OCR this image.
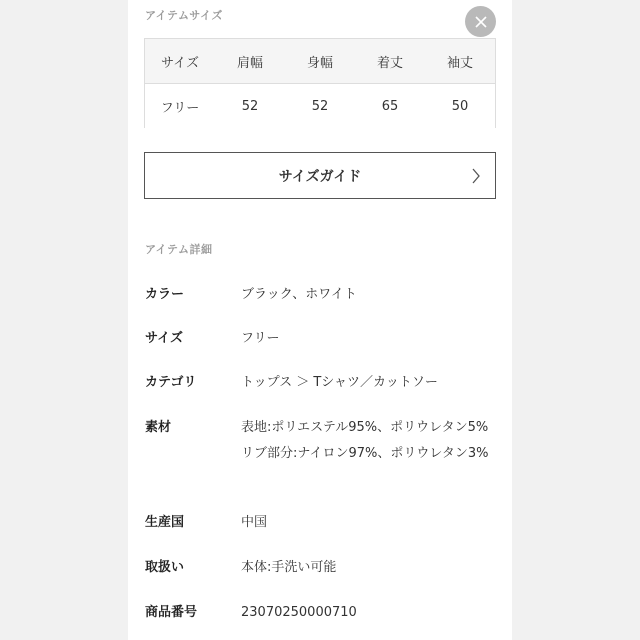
アイテムサイズ
サイズ	肩幅	身幅	着丈	袖丈
フリー	52	52	65	50
サイズガイド
アイテム詳細
カラー	ブラック、ホワイト
サイズ	フリー
カテゴリ	トップス ＞ Tシャツ／カットソー
素材	表地:ポリエステル95%、ポリウレタン5% リブ部分:ナイロン97%、ポリウレタン3%
生産国	中国
取扱い	本体:手洗い可能
商品番号	23070250000710
